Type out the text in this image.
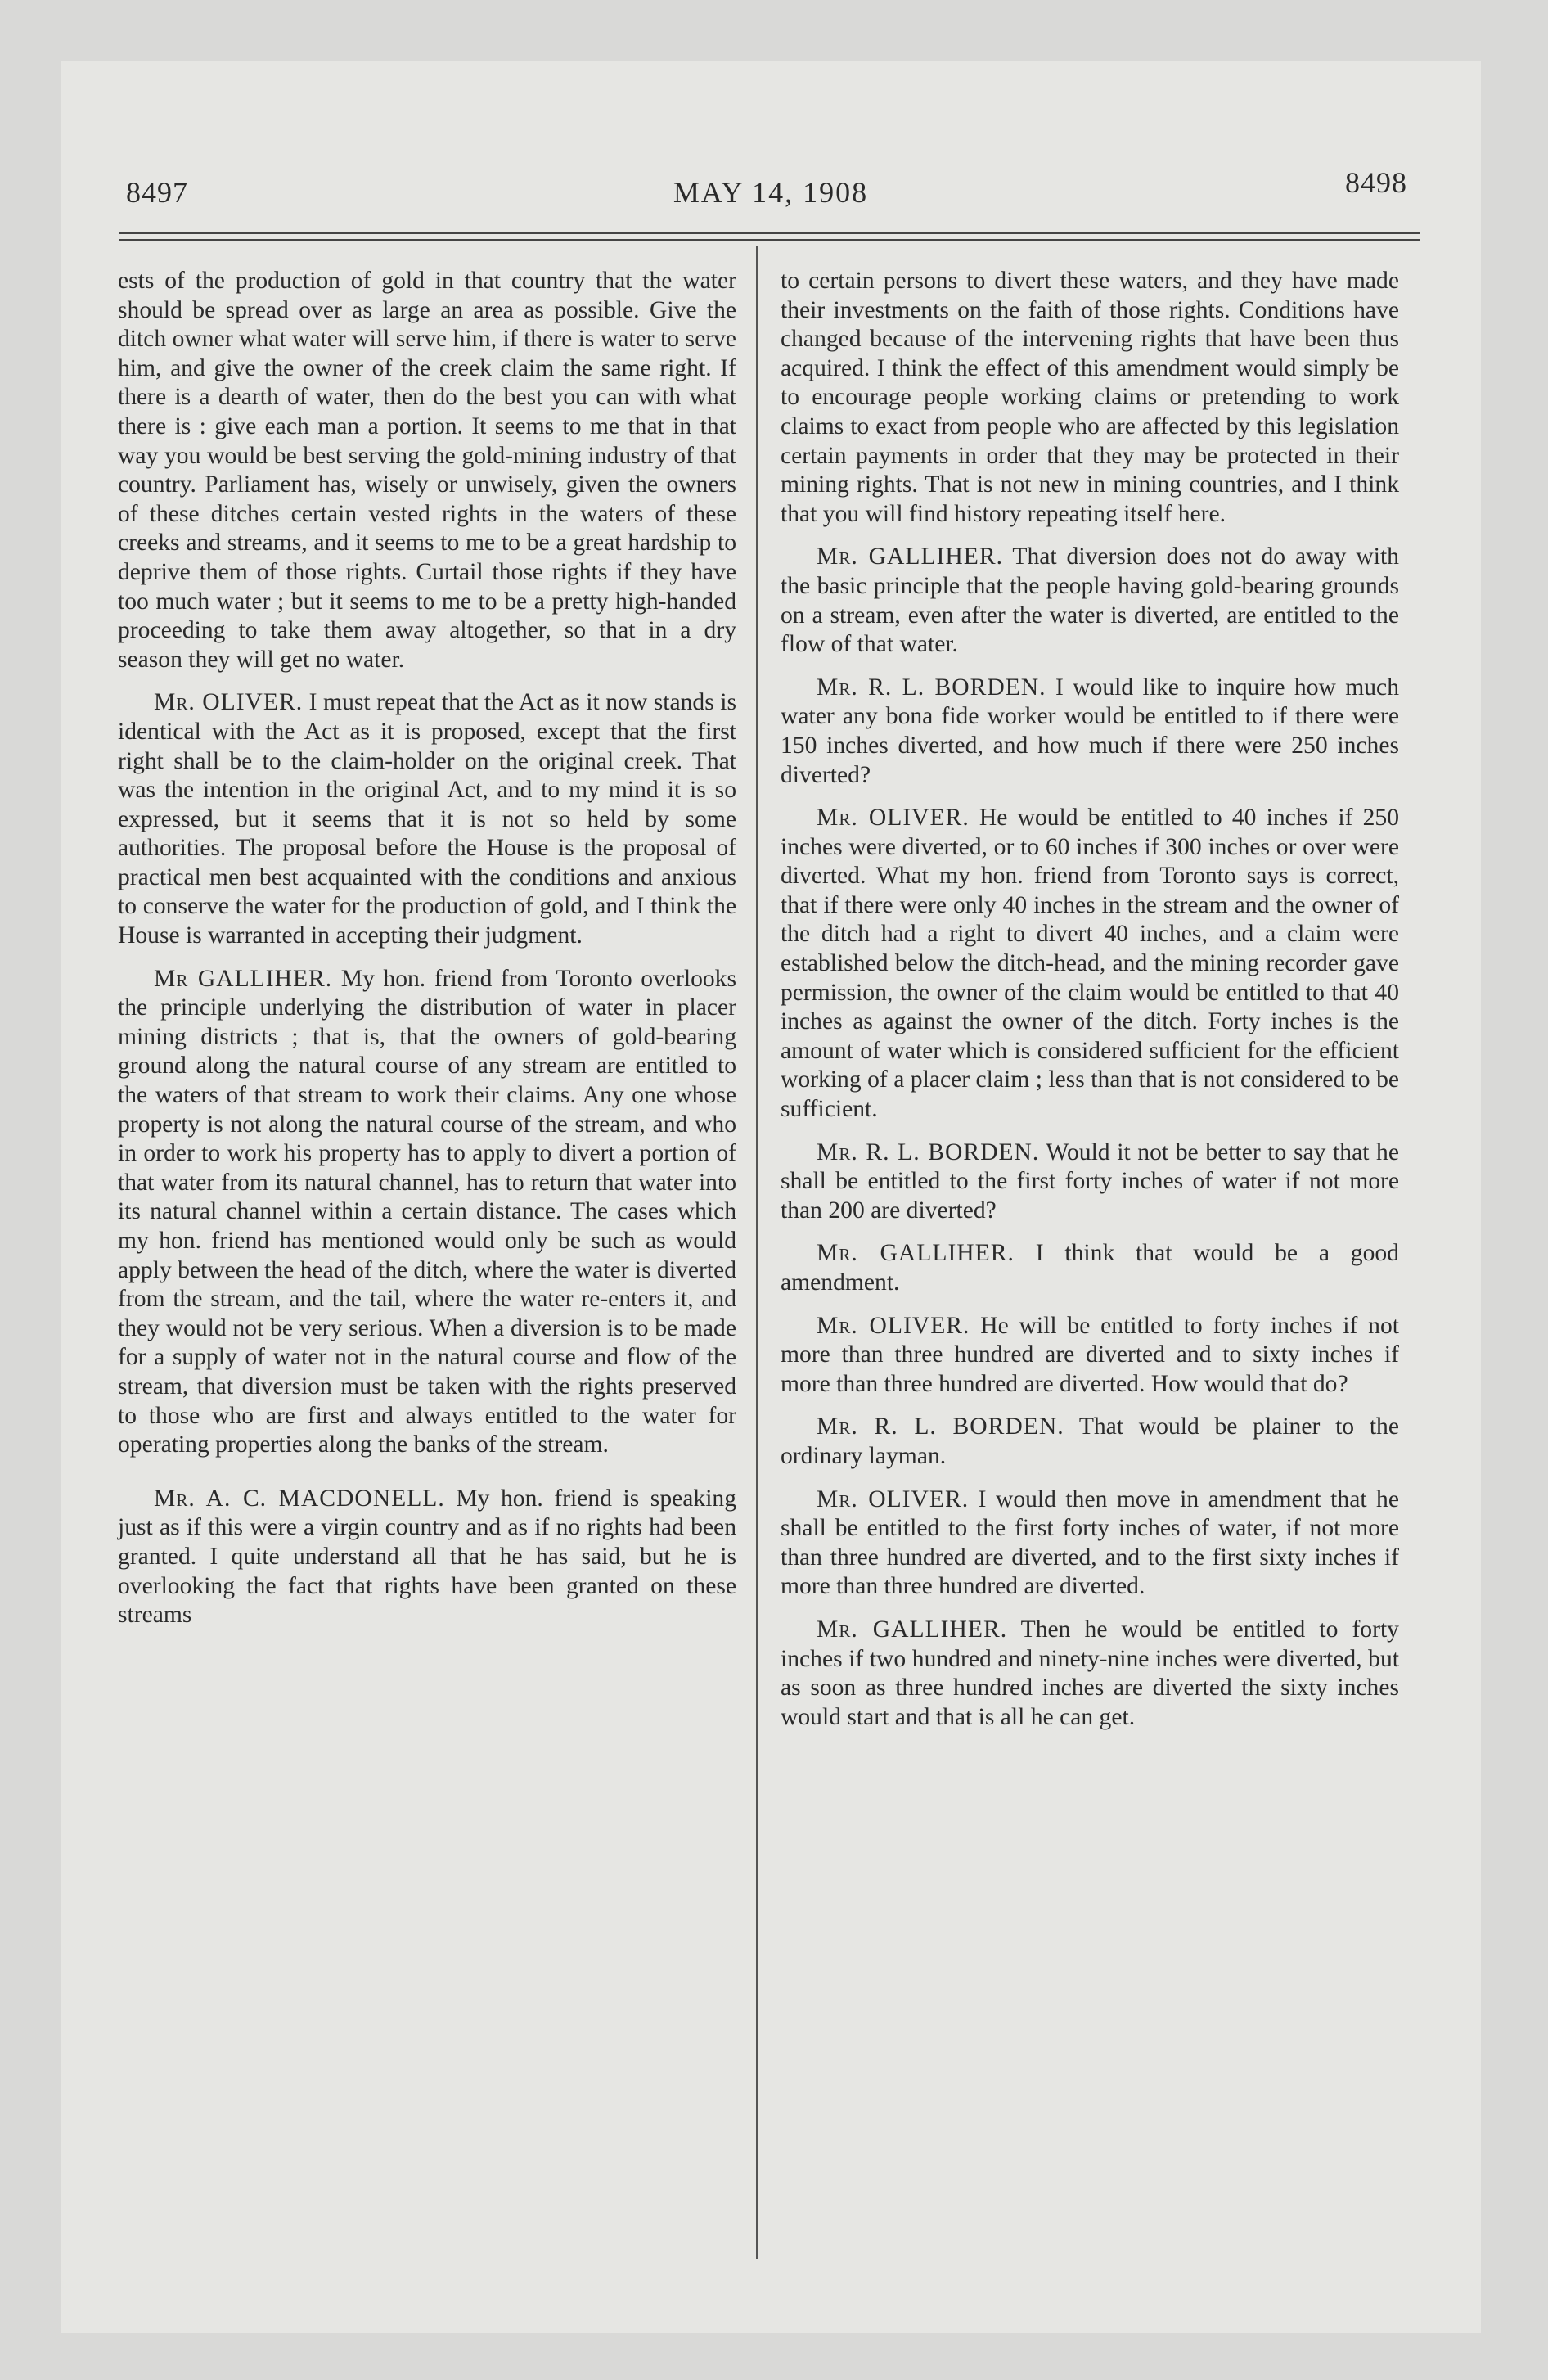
8497	MAY 14, 1908	8498

ests of the production of gold in that country that the water should be spread over as large an area as possible. Give the ditch owner what water will serve him, if there is water to serve him, and give the owner of the creek claim the same right. If there is a dearth of water, then do the best you can with what there is : give each man a portion. It seems to me that in that way you would be best serving the gold-mining industry of that country. Parliament has, wisely or unwisely, given the owners of these ditches certain vested rights in the waters of these creeks and streams, and it seems to me to be a great hardship to deprive them of those rights. Curtail those rights if they have too much water ; but it seems to me to be a pretty high-handed proceeding to take them away altogether, so that in a dry season they will get no water.

Mr. OLIVER. I must repeat that the Act as it now stands is identical with the Act as it is proposed, except that the first right shall be to the claim-holder on the original creek. That was the intention in the original Act, and to my mind it is so expressed, but it seems that it is not so held by some authorities. The proposal before the House is the proposal of practical men best acquainted with the conditions and anxious to conserve the water for the production of gold, and I think the House is warranted in accepting their judgment.

Mr GALLIHER. My hon. friend from Toronto overlooks the principle underlying the distribution of water in placer mining districts ; that is, that the owners of gold-bearing ground along the natural course of any stream are entitled to the waters of that stream to work their claims. Any one whose property is not along the natural course of the stream, and who in order to work his property has to apply to divert a portion of that water from its natural channel, has to return that water into its natural channel within a certain distance. The cases which my hon. friend has mentioned would only be such as would apply between the head of the ditch, where the water is diverted from the stream, and the tail, where the water re-enters it, and they would not be very serious. When a diversion is to be made for a supply of water not in the natural course and flow of the stream, that diversion must be taken with the rights preserved to those who are first and always entitled to the water for operating properties along the banks of the stream.

Mr. A. C. MACDONELL. My hon. friend is speaking just as if this were a virgin country and as if no rights had been granted. I quite understand all that he has said, but he is overlooking the fact that rights have been granted on these streams

to certain persons to divert these waters, and they have made their investments on the faith of those rights. Conditions have changed because of the intervening rights that have been thus acquired. I think the effect of this amendment would simply be to encourage people working claims or pretending to work claims to exact from people who are affected by this legislation certain payments in order that they may be protected in their mining rights. That is not new in mining countries, and I think that you will find history repeating itself here.

Mr. GALLIHER. That diversion does not do away with the basic principle that the people having gold-bearing grounds on a stream, even after the water is diverted, are entitled to the flow of that water.

Mr. R. L. BORDEN. I would like to inquire how much water any bona fide worker would be entitled to if there were 150 inches diverted, and how much if there were 250 inches diverted?

Mr. OLIVER. He would be entitled to 40 inches if 250 inches were diverted, or to 60 inches if 300 inches or over were diverted. What my hon. friend from Toronto says is correct, that if there were only 40 inches in the stream and the owner of the ditch had a right to divert 40 inches, and a claim were established below the ditch-head, and the mining recorder gave permission, the owner of the claim would be entitled to that 40 inches as against the owner of the ditch. Forty inches is the amount of water which is considered sufficient for the efficient working of a placer claim ; less than that is not considered to be sufficient.

Mr. R. L. BORDEN. Would it not be better to say that he shall be entitled to the first forty inches of water if not more than 200 are diverted?

Mr. GALLIHER. I think that would be a good amendment.

Mr. OLIVER. He will be entitled to forty inches if not more than three hundred are diverted and to sixty inches if more than three hundred are diverted. How would that do?

Mr. R. L. BORDEN. That would be plainer to the ordinary layman.

Mr. OLIVER. I would then move in amendment that he shall be entitled to the first forty inches of water, if not more than three hundred are diverted, and to the first sixty inches if more than three hundred are diverted.

Mr. GALLIHER. Then he would be entitled to forty inches if two hundred and ninety-nine inches were diverted, but as soon as three hundred inches are diverted the sixty inches would start and that is all he can get.
